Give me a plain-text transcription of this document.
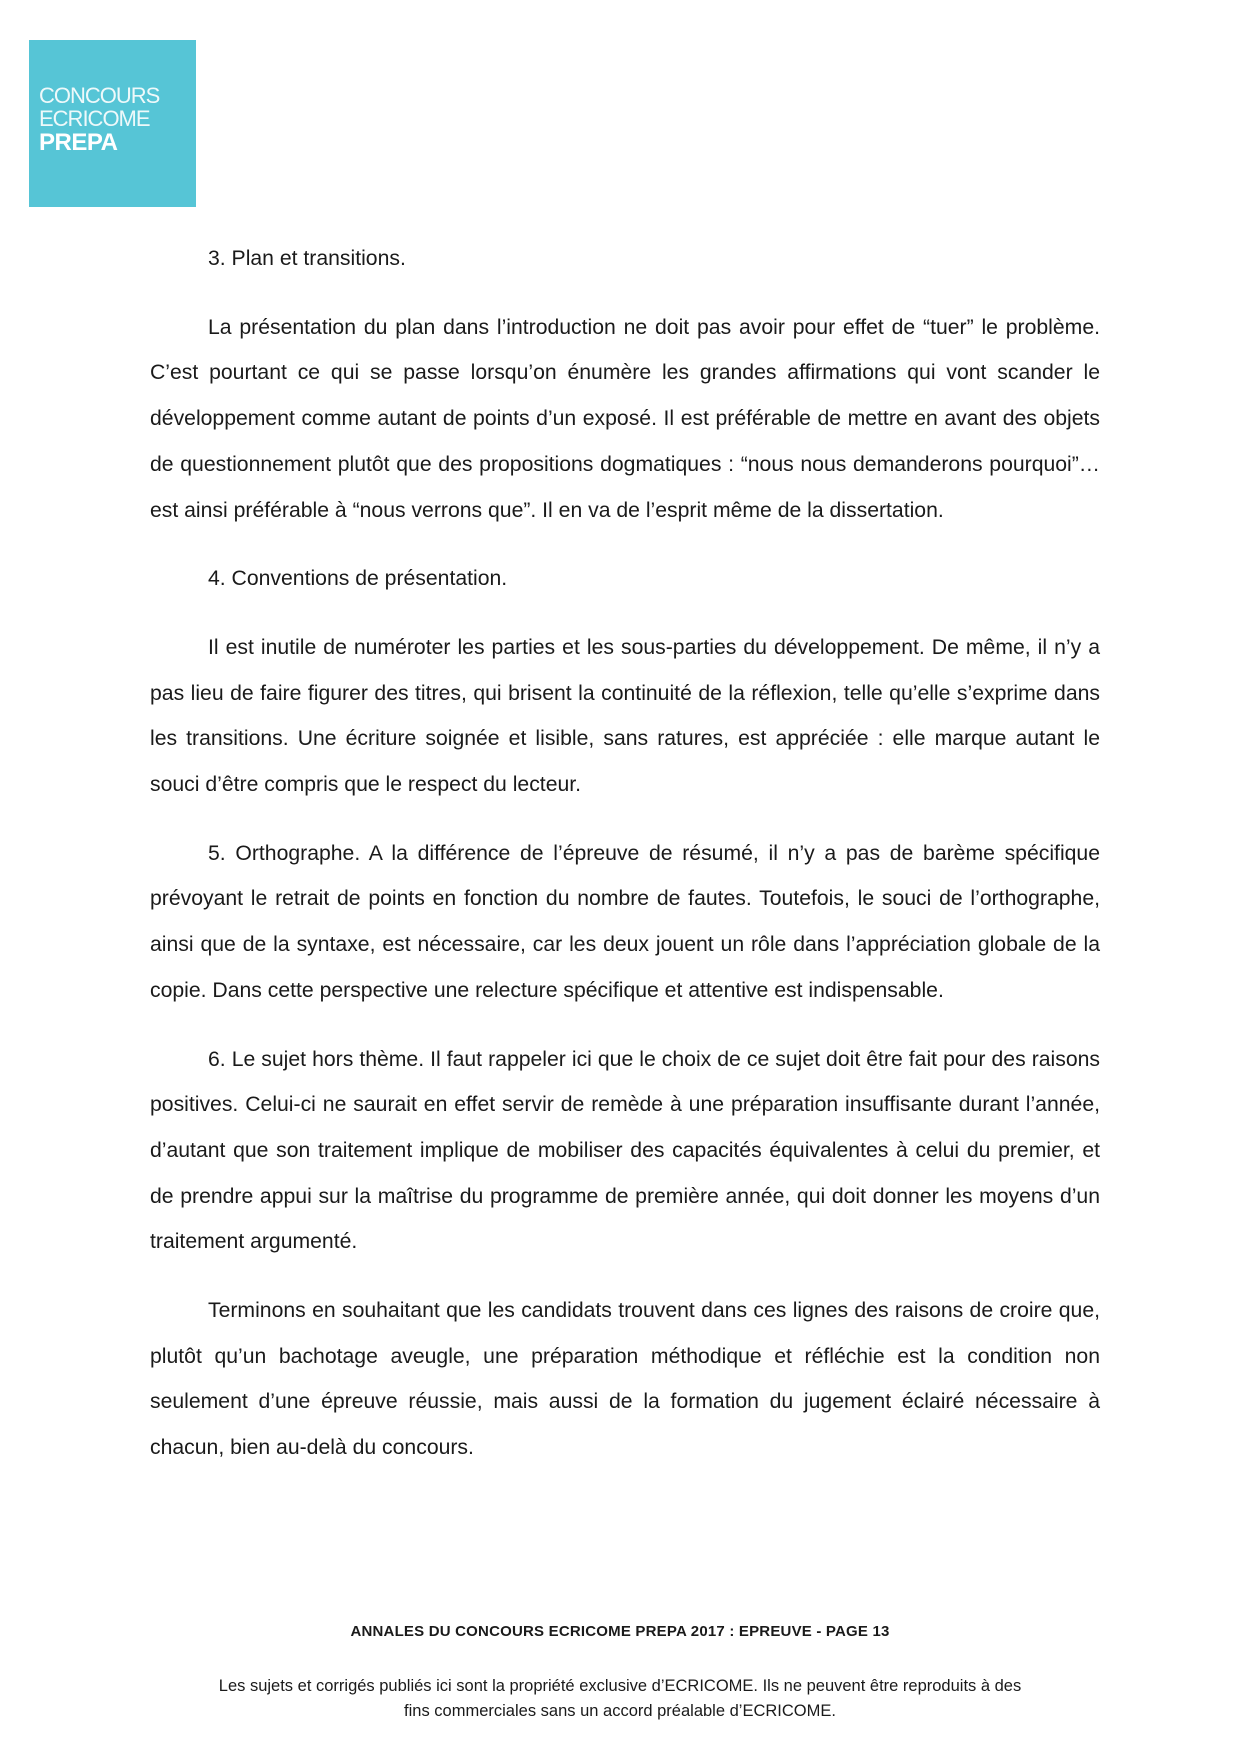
CONCOURS
ECRICOME
PREPA

3. Plan et transitions.

La présentation du plan dans l’introduction ne doit pas avoir pour effet de “tuer” le problème. C’est pourtant ce qui se passe lorsqu’on énumère les grandes affirmations qui vont scander le développement comme autant de points d’un exposé. Il est préférable de mettre en avant des objets de questionnement plutôt que des propositions dogmatiques : “nous nous demanderons pourquoi”… est ainsi préférable à “nous verrons que”. Il en va de l’esprit même de la dissertation.

4. Conventions de présentation.

Il est inutile de numéroter les parties et les sous-parties du développement. De même, il n’y a pas lieu de faire figurer des titres, qui brisent la continuité de la réflexion, telle qu’elle s’exprime dans les transitions. Une écriture soignée et lisible, sans ratures, est appréciée : elle marque autant le souci d’être compris que le respect du lecteur.

5. Orthographe. A la différence de l’épreuve de résumé, il n’y a pas de barème spécifique prévoyant le retrait de points en fonction du nombre de fautes. Toutefois, le souci de l’orthographe, ainsi que de la syntaxe, est nécessaire, car les deux jouent un rôle dans l’appréciation globale de la copie. Dans cette perspective une relecture spécifique et attentive est indispensable.

6. Le sujet hors thème. Il faut rappeler ici que le choix de ce sujet doit être fait pour des raisons positives. Celui-ci ne saurait en effet servir de remède à une préparation insuffisante durant l’année, d’autant que son traitement implique de mobiliser des capacités équivalentes à celui du premier, et de prendre appui sur la maîtrise du programme de première année, qui doit donner les moyens d’un traitement argumenté.

Terminons en souhaitant que les candidats trouvent dans ces lignes des raisons de croire que, plutôt qu’un bachotage aveugle, une préparation méthodique et réfléchie est la condition non seulement d’une épreuve réussie, mais aussi de la formation du jugement éclairé nécessaire à chacun, bien au-delà du concours.

ANNALES DU CONCOURS ECRICOME PREPA 2017 : EPREUVE - PAGE 13
Les sujets et corrigés publiés ici sont la propriété exclusive d’ECRICOME. Ils ne peuvent être reproduits à des
fins commerciales sans un accord préalable d’ECRICOME.
